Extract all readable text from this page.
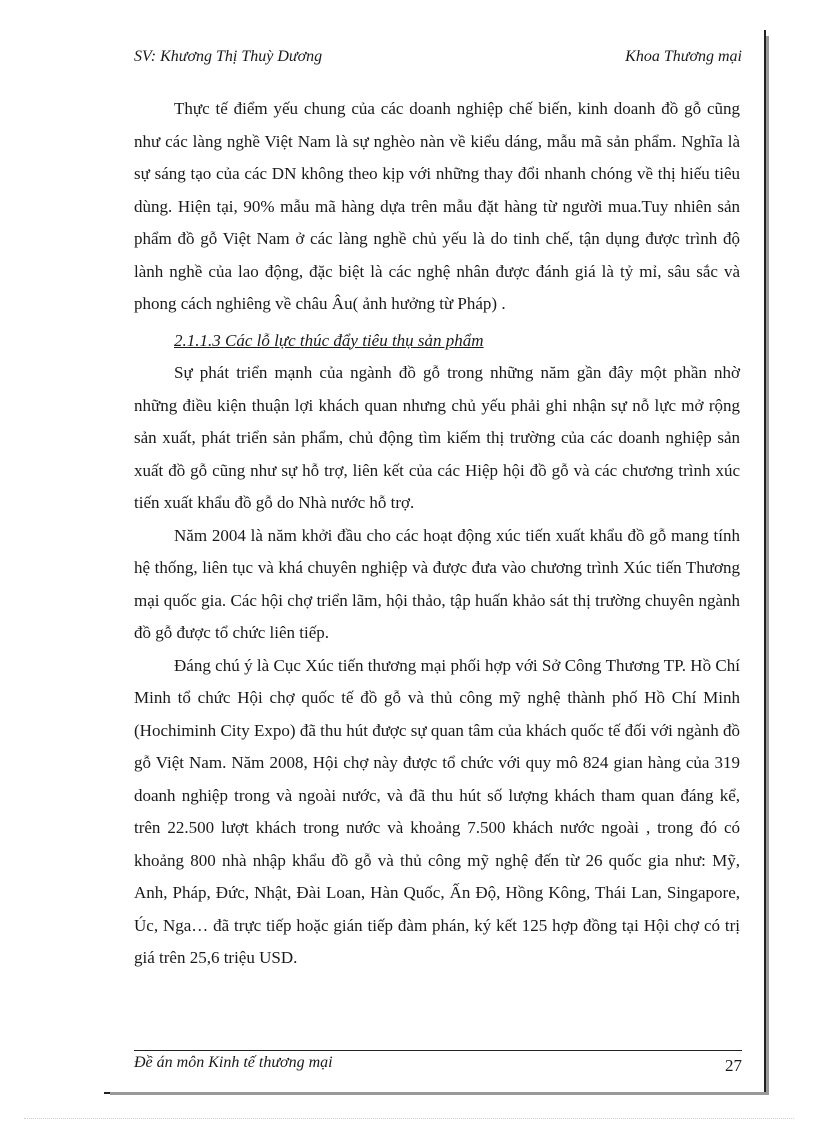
SV: Khương Thị Thuỳ Dương	Khoa Thương mại

Thực tế điểm yếu chung của các doanh nghiệp chế biến, kinh doanh đồ gỗ cũng như các làng nghề Việt Nam là sự nghèo nàn về kiểu dáng, mẫu mã sản phẩm. Nghĩa là sự sáng tạo của các DN không theo kịp với những thay đổi nhanh chóng về thị hiếu tiêu dùng. Hiện tại, 90% mẫu mã hàng dựa trên mẫu đặt hàng từ người mua.Tuy nhiên sản phẩm đồ gỗ Việt Nam ở các làng nghề chủ yếu là do tinh chế, tận dụng được trình độ lành nghề của lao động, đặc biệt là các nghệ nhân được đánh giá là tỷ mỉ, sâu sắc và phong cách nghiêng về châu Âu( ảnh hưởng từ Pháp) .

2.1.1.3 Các lỗ lực thúc đẩy tiêu thụ sản phẩm

Sự phát triển mạnh của ngành đồ gỗ trong những năm gần đây một phần nhờ những điều kiện thuận lợi khách quan nhưng chủ yếu phải ghi nhận sự nỗ lực mở rộng sản xuất, phát triển sản phẩm, chủ động tìm kiếm thị trường của các doanh nghiệp sản xuất đồ gỗ cũng như sự hỗ trợ, liên kết của các Hiệp hội đồ gỗ và các chương trình xúc tiến xuất khẩu đồ gỗ do Nhà nước hỗ trợ.

Năm 2004 là năm khởi đầu cho các hoạt động xúc tiến xuất khẩu đồ gỗ mang tính hệ thống, liên tục và khá chuyên nghiệp và được đưa vào chương trình Xúc tiến Thương mại quốc gia. Các hội chợ triển lãm, hội thảo, tập huấn khảo sát thị trường chuyên ngành đồ gỗ được tổ chức liên tiếp.

Đáng chú ý là Cục Xúc tiến thương mại phối hợp với Sở Công Thương TP. Hồ Chí Minh tổ chức Hội chợ quốc tế đồ gỗ và thủ công mỹ nghệ thành phố Hồ Chí Minh (Hochiminh City Expo) đã thu hút được sự quan tâm của khách quốc tế đối với ngành đồ gỗ Việt Nam. Năm 2008, Hội chợ này được tổ chức với quy mô 824 gian hàng của 319 doanh nghiệp trong và ngoài nước, và đã thu hút số lượng khách tham quan đáng kể, trên 22.500 lượt khách trong nước và khoảng 7.500 khách nước ngoài , trong đó có khoảng 800 nhà nhập khẩu đồ gỗ và thủ công mỹ nghệ đến từ 26 quốc gia như: Mỹ, Anh, Pháp, Đức, Nhật, Đài Loan, Hàn Quốc, Ấn Độ, Hồng Kông, Thái Lan, Singapore, Úc, Nga… đã trực tiếp hoặc gián tiếp đàm phán, ký kết 125 hợp đồng tại Hội chợ có trị giá trên 25,6 triệu USD.

Đề án môn Kinh tế thương mại	27
